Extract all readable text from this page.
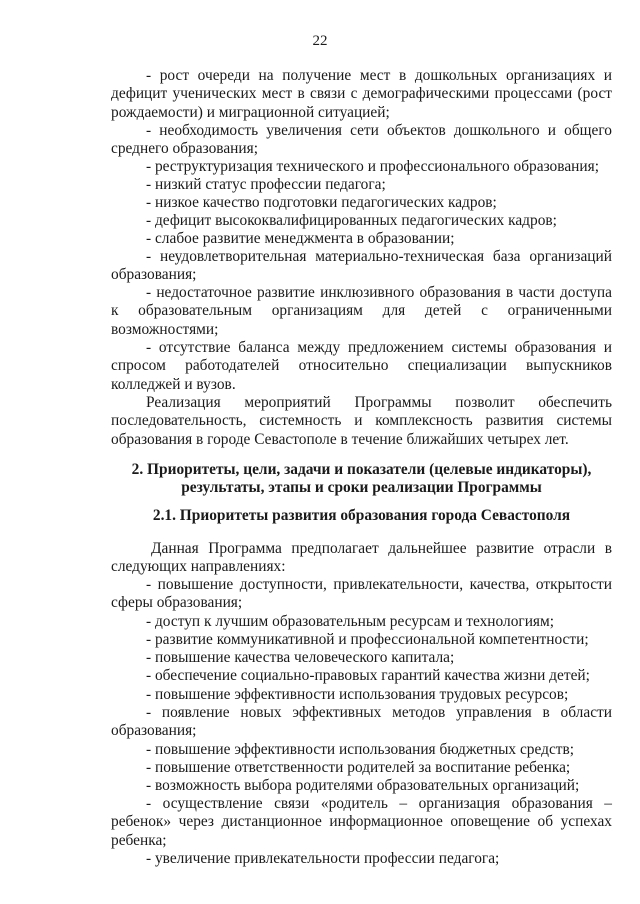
22

- рост очереди на получение мест в дошкольных организациях и дефицит ученических мест в связи с демографическими процессами (рост рождаемости) и миграционной ситуацией;

- необходимость увеличения сети объектов дошкольного и общего среднего образования;

- реструктуризация технического и профессионального образования;

- низкий статус профессии педагога;

- низкое качество подготовки педагогических кадров;

- дефицит высококвалифицированных педагогических кадров;

- слабое развитие менеджмента в образовании;

- неудовлетворительная материально-техническая база организаций образования;

- недостаточное развитие инклюзивного образования в части доступа к образовательным организациям для детей с ограниченными возможностями;

- отсутствие баланса между предложением системы образования и спросом работодателей относительно специализации выпускников колледжей и вузов.

Реализация мероприятий Программы позволит обеспечить последовательность, системность и комплексность развития системы образования в городе Севастополе в течение ближайших четырех лет.

2. Приоритеты, цели, задачи и показатели (целевые индикаторы), результаты, этапы и сроки реализации Программы

2.1. Приоритеты развития образования города Севастополя

Данная Программа предполагает дальнейшее развитие отрасли в следующих направлениях:

- повышение доступности, привлекательности, качества, открытости сферы образования;

- доступ к лучшим образовательным ресурсам и технологиям;

- развитие коммуникативной и профессиональной компетентности;

- повышение качества человеческого капитала;

- обеспечение социально-правовых гарантий качества жизни детей;

- повышение эффективности использования трудовых ресурсов;

- появление новых эффективных методов управления в области образования;

- повышение эффективности использования бюджетных средств;

- повышение ответственности родителей за воспитание ребенка;

- возможность выбора родителями образовательных организаций;

- осуществление связи «родитель – организация образования – ребенок» через дистанционное информационное оповещение об успехах ребенка;

- увеличение привлекательности профессии педагога;
